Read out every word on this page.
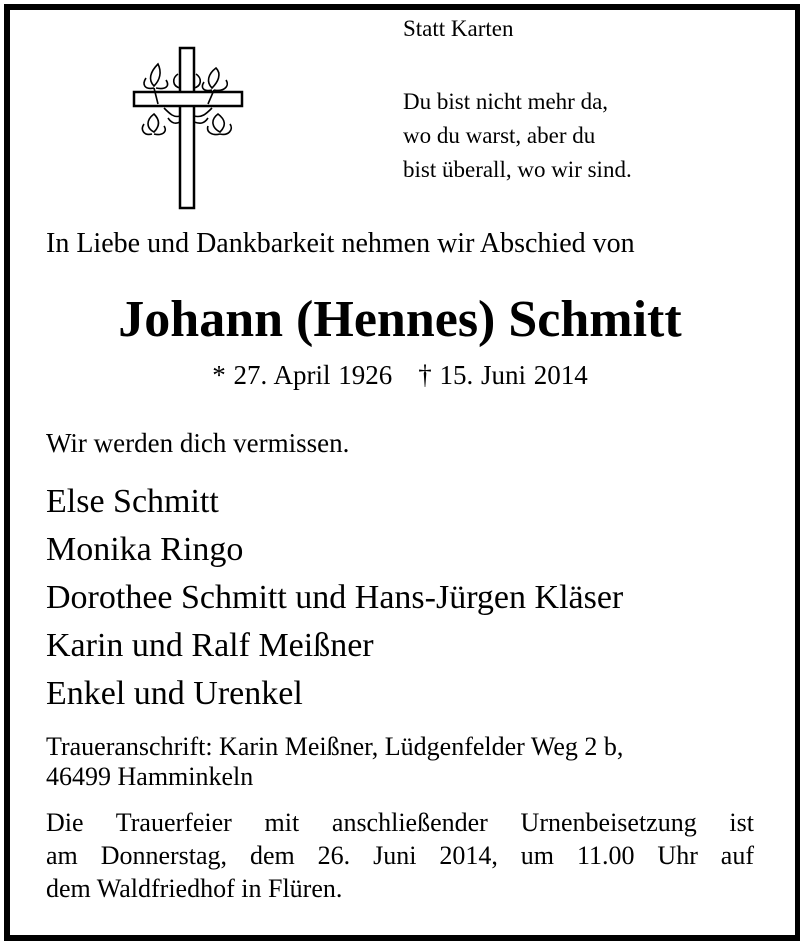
Statt Karten
Du bist nicht mehr da,
wo du warst, aber du
bist überall, wo wir sind.
In Liebe und Dankbarkeit nehmen wir Abschied von
Johann (Hennes) Schmitt
* 27. April 1926 † 15. Juni 2014
Wir werden dich vermissen.
Else Schmitt
Monika Ringo
Dorothee Schmitt und Hans-Jürgen Kläser
Karin und Ralf Meißner
Enkel und Urenkel
Traueranschrift: Karin Meißner, Lüdgenfelder Weg 2 b,
46499 Hamminkeln
Die Trauerfeier mit anschließender Urnenbeisetzung ist
am Donnerstag, dem 26. Juni 2014, um 11.00 Uhr auf
dem Waldfriedhof in Flüren.
